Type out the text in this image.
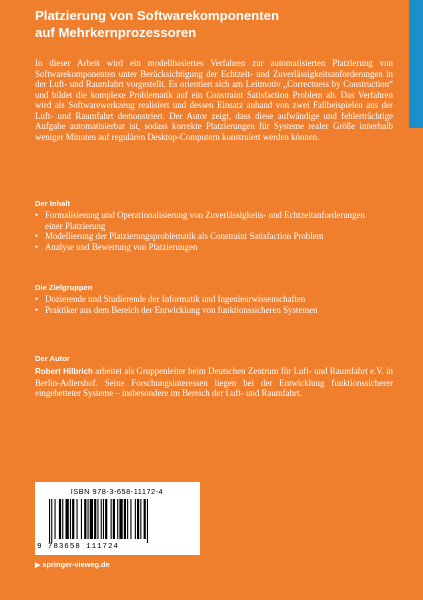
Platzierung von Softwarekomponenten
auf Mehrkernprozessoren
In dieser Arbeit wird ein modellbasiertes Verfahren zur automatisierten Platzierung von Softwarekomponenten unter Berücksichtigung der Echtzeit- und Zuverlässigkeitsanforderungen in der Luft- und Raumfahrt vorgestellt. Es orientiert sich am Leitmotiv „Correctness by Construction“ und bildet die komplexe Problematik auf ein Constraint Satisfaction Problem ab. Das Verfahren wird als Softwarewerkzeug realisiert und dessen Einsatz anhand von zwei Fallbeispielen aus der Luft- und Raumfahrt demonstriert. Der Autor zeigt, dass diese aufwändige und fehlerträchtige Aufgabe automatisierbar ist, sodass korrekte Platzierungen für Systeme realer Größe innerhalb weniger Minuten auf regulären Desktop-Computern konstruiert werden können.
Der Inhalt
• Formalisierung und Operationalisierung von Zuverlässigkeits- und Echtzeitanforderungen einer Platzierung
• Modellierung der Platzierungsproblematik als Constraint Satisfaction Problem
• Analyse und Bewertung von Platzierungen
Die Zielgruppen
• Dozierende und Studierende der Informatik und Ingenieurwissenschaften
• Praktiker aus dem Bereich der Entwicklung von funktionssicheren Systemen
Der Autor
Robert Hilbrich arbeitet als Gruppenleiter beim Deutschen Zentrum für Luft- und Raumfahrt e.V. in Berlin-Adlershof. Seine Forschungsinteressen liegen bei der Entwicklung funktionssicherer eingebetteter Systeme – insbesondere im Bereich der Luft- und Raumfahrt.
ISBN 978-3-658-11172-4
9 783658 111724
▶ springer-vieweg.de
